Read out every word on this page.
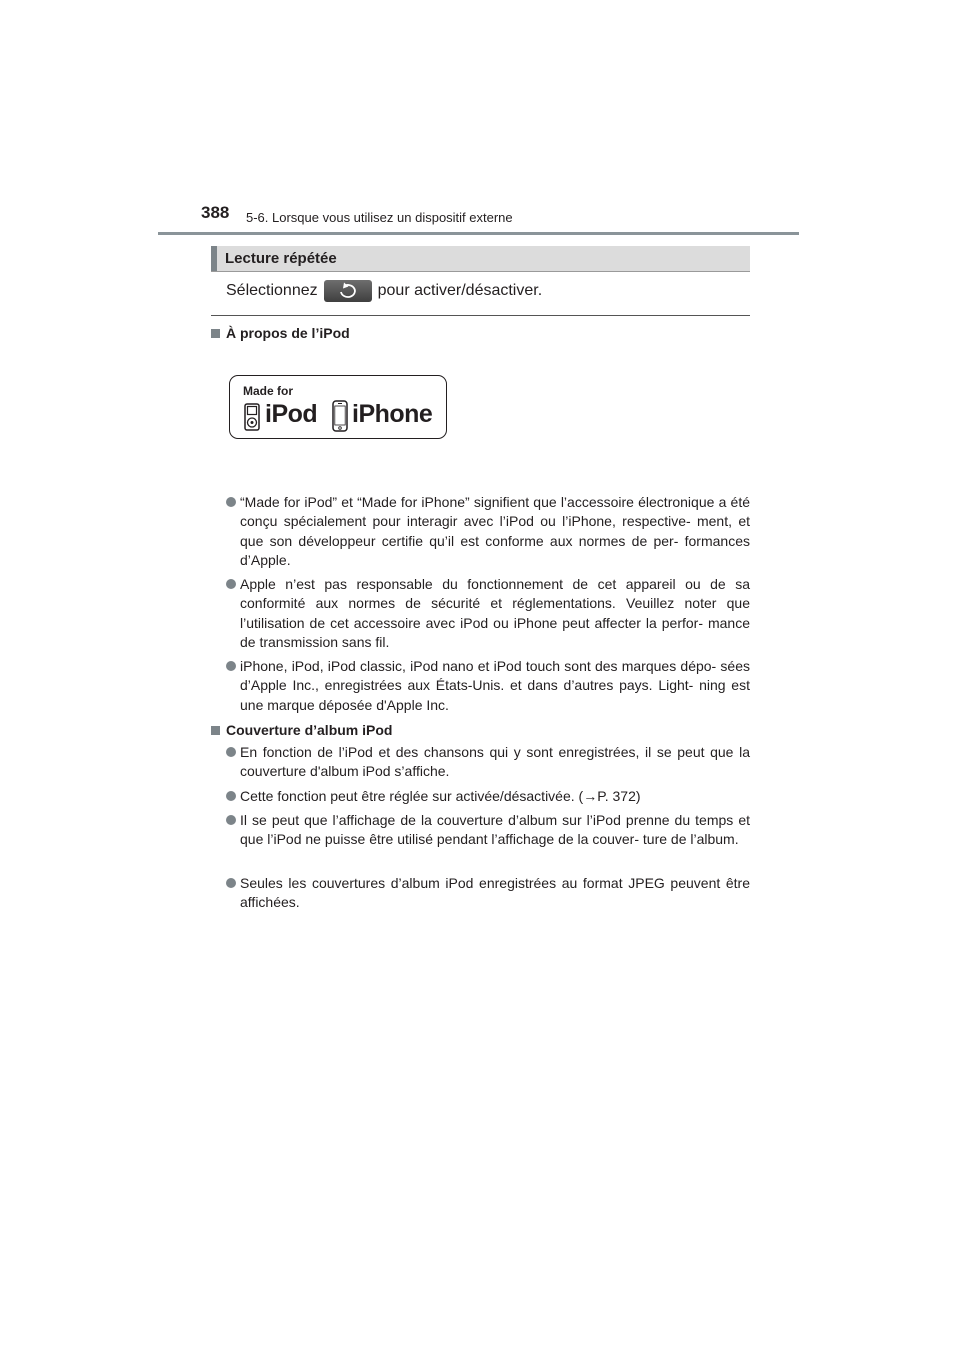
388 5-6. Lorsque vous utilisez un dispositif externe
Lecture répétée
Sélectionnez	pour activer/désactiver.
À propos de l’iPod
Made for
iPod iPhone
“Made for iPod” et “Made for iPhone” signifient que l’accessoire électronique a été conçu spécialement pour interagir avec l’iPod ou l’iPhone, respective- ment, et que son développeur certifie qu’il est conforme aux normes de per- formances d’Apple.
Apple n’est pas responsable du fonctionnement de cet appareil ou de sa conformité aux normes de sécurité et réglementations. Veuillez noter que l’utilisation de cet accessoire avec iPod ou iPhone peut affecter la perfor- mance de transmission sans fil.
iPhone, iPod, iPod classic, iPod nano et iPod touch sont des marques dépo- sées d’Apple Inc., enregistrées aux États-Unis. et dans d’autres pays. Light- ning est une marque déposée d'Apple Inc.
Couverture d’album iPod
En fonction de l’iPod et des chansons qui y sont enregistrées, il se peut que la couverture d'album iPod s’affiche.
Cette fonction peut être réglée sur activée/désactivée. (→P. 372)
Il se peut que l’affichage de la couverture d’album sur l’iPod prenne du temps et que l’iPod ne puisse être utilisé pendant l’affichage de la couver- ture de l’album.
Seules les couvertures d’album iPod enregistrées au format JPEG peuvent être affichées.
